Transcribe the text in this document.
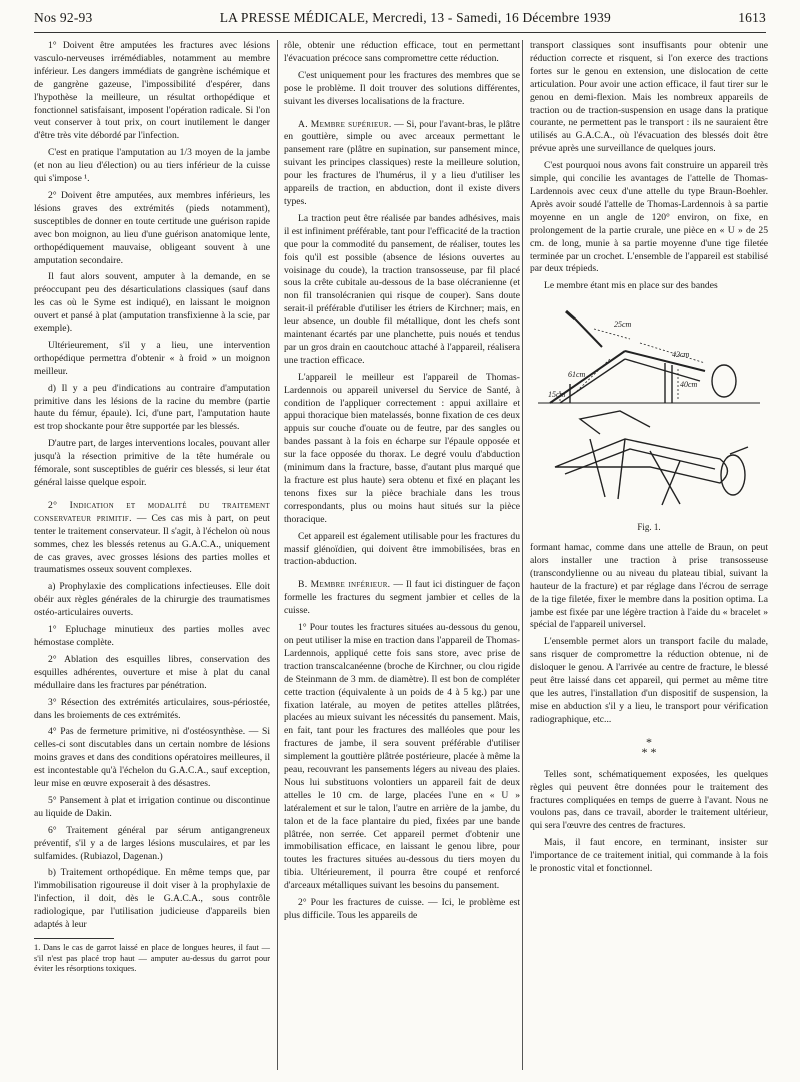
Nos 92-93	LA PRESSE MÉDICALE, Mercredi, 13 - Samedi, 16 Décembre 1939	1613

1° Doivent être amputées les fractures avec lésions vasculo-nerveuses irrémédiables, notamment au membre inférieur. Les dangers immédiats de gangrène ischémique et de gangrène gazeuse, l'impossibilité d'espérer, dans l'hypothèse la meilleure, un résultat orthopédique et fonctionnel satisfaisant, imposent l'opération radicale. Si l'on veut conserver à tout prix, on court inutilement le danger d'être très vite débordé par l'infection.

C'est en pratique l'amputation au 1/3 moyen de la jambe (et non au lieu d'élection) ou au tiers inférieur de la cuisse qui s'impose ¹.

2° Doivent être amputées, aux membres inférieurs, les lésions graves des extrémités (pieds notamment), susceptibles de donner en toute certitude une guérison rapide avec bon moignon, au lieu d'une guérison anatomique lente, orthopédiquement mauvaise, obligeant souvent à une amputation secondaire.

Il faut alors souvent, amputer à la demande, en se préoccupant peu des désarticulations classiques (sauf dans les cas où le Syme est indiqué), en laissant le moignon ouvert et pansé à plat (amputation transfixienne à la scie, par exemple).

Ultérieurement, s'il y a lieu, une intervention orthopédique permettra d'obtenir « à froid » un moignon meilleur.

d) Il y a peu d'indications au contraire d'amputation primitive dans les lésions de la racine du membre (partie haute du fémur, épaule). Ici, d'une part, l'amputation haute est trop shockante pour être supportée par les blessés.

D'autre part, de larges interventions locales, pouvant aller jusqu'à la résection primitive de la tête humérale ou fémorale, sont susceptibles de guérir ces blessés, si leur état général laisse quelque espoir.

2° Indication et modalité du traitement conservateur primitif. — Ces cas mis à part, on peut tenter le traitement conservateur. Il s'agit, à l'échelon où nous sommes, chez les blessés retenus au G.A.C.A., uniquement de cas graves, avec grosses lésions des parties molles et traumatismes osseux souvent complexes.

a) Prophylaxie des complications infectieuses. Elle doit obéir aux règles générales de la chirurgie des traumatismes ostéo-articulaires ouverts.

1° Epluchage minutieux des parties molles avec hémostase complète.

2° Ablation des esquilles libres, conservation des esquilles adhérentes, ouverture et mise à plat du canal médullaire dans les fractures par pénétration.

3° Résection des extrémités articulaires, sous-périostée, dans les broiements de ces extrémités.

4° Pas de fermeture primitive, ni d'ostéosynthèse. — Si celles-ci sont discutables dans un certain nombre de lésions moins graves et dans des conditions opératoires meilleures, il est incontestable qu'à l'échelon du G.A.C.A., sauf exception, leur mise en œuvre exposerait à des désastres.

5° Pansement à plat et irrigation continue ou discontinue au liquide de Dakin.

6° Traitement général par sérum antigangreneux préventif, s'il y a de larges lésions musculaires, et par les sulfamides. (Rubiazol, Dagenan.)

b) Traitement orthopédique. En même temps que, par l'immobilisation rigoureuse il doit viser à la prophylaxie de l'infection, il doit, dès le G.A.C.A., sous contrôle radiologique, par l'utilisation judicieuse d'appareils bien adaptés à leur

1. Dans le cas de garrot laissé en place de longues heures, il faut — s'il n'est pas placé trop haut — amputer au-dessus du garrot pour éviter les résorptions toxiques.

rôle, obtenir une réduction efficace, tout en permettant l'évacuation précoce sans compromettre cette réduction.

C'est uniquement pour les fractures des membres que se pose le problème. Il doit trouver des solutions différentes, suivant les diverses localisations de la fracture.

A. Membre supérieur. — Si, pour l'avant-bras, le plâtre en gouttière, simple ou avec arceaux permettant le pansement rare (plâtre en supination, sur pansement mince, suivant les principes classiques) reste la meilleure solution, pour les fractures de l'humérus, il y a lieu d'utiliser les appareils de traction, en abduction, dont il existe divers types.

La traction peut être réalisée par bandes adhésives, mais il est infiniment préférable, tant pour l'efficacité de la traction que pour la commodité du pansement, de réaliser, toutes les fois qu'il est possible (absence de lésions ouvertes au voisinage du coude), la traction transosseuse, par fil placé sous la crête cubitale au-dessous de la base olécranienne (et non fil transolécranien qui risque de couper). Sans doute serait-il préférable d'utiliser les étriers de Kirchner; mais, en leur absence, un double fil métallique, dont les chefs sont maintenant écartés par une planchette, puis noués et tendus par un gros drain en caoutchouc attaché à l'appareil, réalisera une traction efficace.

L'appareil le meilleur est l'appareil de Thomas-Lardennois ou appareil universel du Service de Santé, à condition de l'appliquer correctement : appui axillaire et appui thoracique bien matelassés, bonne fixation de ces deux appuis sur couche d'ouate ou de feutre, par des sangles ou bandes passant à la fois en écharpe sur l'épaule opposée et sur la face opposée du thorax. Le degré voulu d'abduction (minimum dans la fracture, basse, d'autant plus marqué que la fracture est plus haute) sera obtenu et fixé en plaçant les tenons fixes sur la pièce brachiale dans les trous correspondants, plus ou moins haut situés sur la pièce thoracique.

Cet appareil est également utilisable pour les fractures du massif glénoïdien, qui doivent être immobilisées, bras en traction-abduction.

B. Membre inférieur. — Il faut ici distinguer de façon formelle les fractures du segment jambier et celles de la cuisse.

1° Pour toutes les fractures situées au-dessous du genou, on peut utiliser la mise en traction dans l'appareil de Thomas-Lardennois, appliqué cette fois sans store, avec prise de traction transcalcanéenne (broche de Kirchner, ou clou rigide de Steinmann de 3 mm. de diamètre). Il est bon de compléter cette traction (équivalente à un poids de 4 à 5 kg.) par une fixation latérale, au moyen de petites attelles plâtrées, placées au mieux suivant les nécessités du pansement. Mais, en fait, tant pour les fractures des malléoles que pour les fractures de jambe, il sera souvent préférable d'utiliser simplement la gouttière plâtrée postérieure, placée à même la peau, recouvrant les pansements légers au niveau des plaies. Nous lui substituons volontiers un appareil fait de deux attelles le 10 cm. de large, placées l'une en « U » latéralement et sur le talon, l'autre en arrière de la jambe, du talon et de la face plantaire du pied, fixées par une bande plâtrée, non serrée. Cet appareil permet d'obtenir une immobilisation efficace, en laissant le genou libre, pour toutes les fractures situées au-dessous du tiers moyen du tibia. Ultérieurement, il pourra être coupé et renforcé d'arceaux métalliques suivant les besoins du pansement.

2° Pour les fractures de cuisse. — Ici, le problème est plus difficile. Tous les appareils de

transport classiques sont insuffisants pour obtenir une réduction correcte et risquent, si l'on exerce des tractions fortes sur le genou en extension, une dislocation de cette articulation. Pour avoir une action efficace, il faut tirer sur le genou en demi-flexion. Mais les nombreux appareils de traction ou de traction-suspension en usage dans la pratique courante, ne permettent pas le transport : ils ne sauraient être utilisés au G.A.C.A., où l'évacuation des blessés doit être prévue après une surveillance de quelques jours.

C'est pourquoi nous avons fait construire un appareil très simple, qui concilie les avantages de l'attelle de Thomas-Lardennois avec ceux d'une attelle du type Braun-Boehler. Après avoir soudé l'attelle de Thomas-Lardennois à sa partie moyenne en un angle de 120° environ, on fixe, en prolongement de la partie crurale, une pièce en « U » de 25 cm. de long, munie à sa partie moyenne d'une tige filetée terminée par un crochet. L'ensemble de l'appareil est stabilisé par deux trépieds.

Le membre étant mis en place sur des bandes

25cm
42cm
61cm
40cm
15cm
Fig. 1.

formant hamac, comme dans une attelle de Braun, on peut alors installer une traction à prise transosseuse (transcondylienne ou au niveau du plateau tibial, suivant la hauteur de la fracture) et par réglage dans l'écrou de serrage de la tige filetée, fixer le membre dans la position optima. La jambe est fixée par une légère traction à l'aide du « bracelet » spécial de l'appareil universel.

L'ensemble permet alors un transport facile du malade, sans risquer de compromettre la réduction obtenue, ni de disloquer le genou. A l'arrivée au centre de fracture, le blessé peut être laissé dans cet appareil, qui permet au même titre que les autres, l'installation d'un dispositif de suspension, la mise en abduction s'il y a lieu, le transport pour vérification radiographique, etc...

*
* *

Telles sont, schématiquement exposées, les quelques règles qui peuvent être données pour le traitement des fractures compliquées en temps de guerre à l'avant. Nous ne voulons pas, dans ce travail, aborder le traitement ultérieur, qui sera l'œuvre des centres de fractures.

Mais, il faut encore, en terminant, insister sur l'importance de ce traitement initial, qui commande à la fois le pronostic vital et fonctionnel.
